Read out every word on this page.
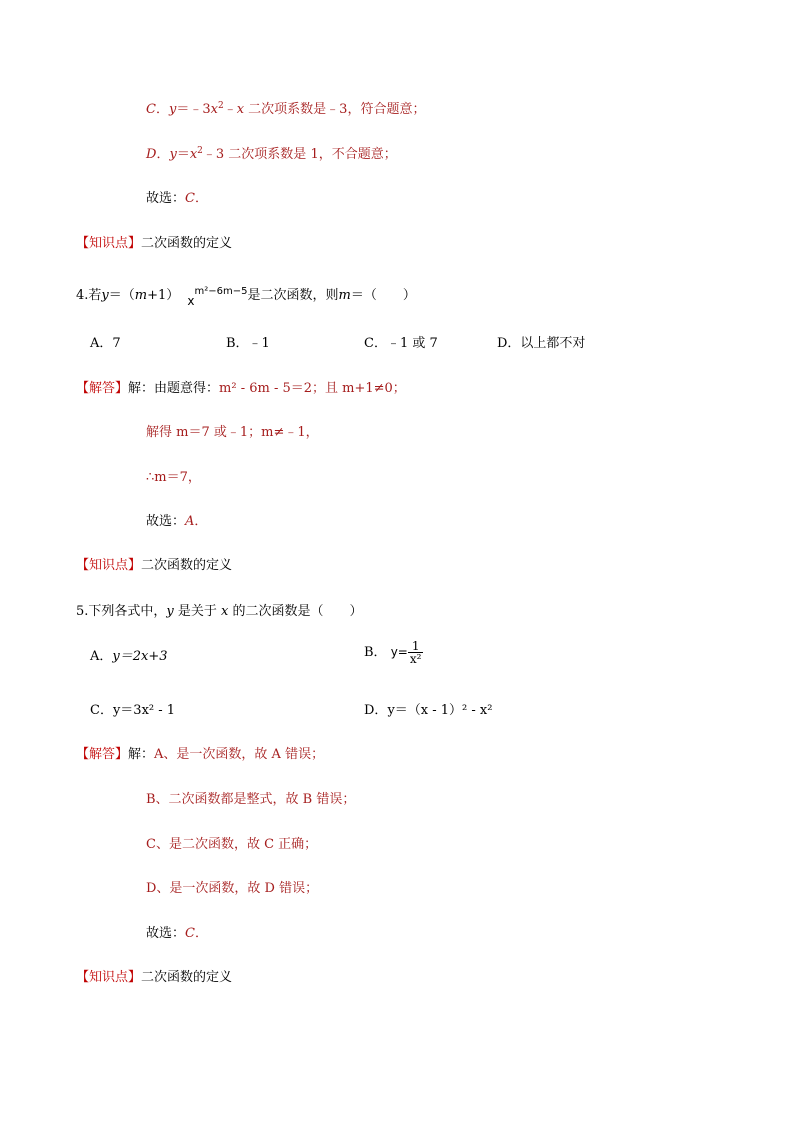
C．$y=﹣3x^2﹣x$ 二次项系数是﹣3，符合题意；
D．$y=x^2﹣3$ 二次项系数是 1，不合题意；
故选：C．
【知识点】二次函数的定义
4.若y＝（m+1） $x^{m^2-6m-5}$是二次函数，则m＝（　　）
A．7	B．﹣1	C．﹣1 或 7	D．以上都不对
【解答】解：由题意得：m² - 6m - 5＝2；且 m+1≠0；
解得 m＝7 或﹣1；m≠﹣1，
∴m＝7，
故选：A．
【知识点】二次函数的定义
5.下列各式中，y 是关于 x 的二次函数是（　　）
A．y＝2x+3	B． $y= \frac{1}{\text{x²}}$
C．y＝3x² - 1	D．y＝（x - 1）² - x²
【解答】解：A、是一次函数，故 A 错误；
B、二次函数都是整式，故 B 错误；
C、是二次函数，故 C 正确；
D、是一次函数，故 D 错误；
故选：C．
【知识点】二次函数的定义
